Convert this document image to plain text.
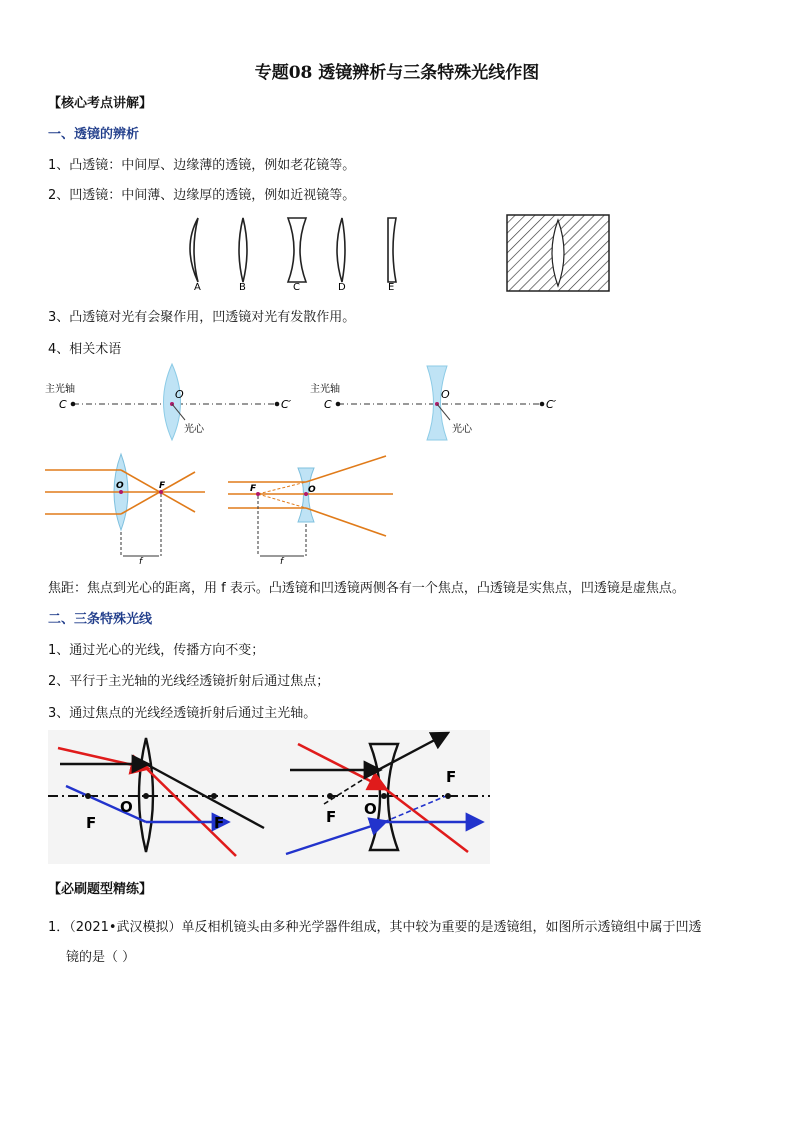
专题08 透镜辨析与三条特殊光线作图
【核心考点讲解】
一、透镜的辨析
1、凸透镜：中间厚、边缘薄的透镜，例如老花镜等。
2、凹透镜：中间薄、边缘厚的透镜，例如近视镜等。
A	B	C	D	E
3、凸透镜对光有会聚作用，凹透镜对光有发散作用。
4、相关术语
主光轴
C
O
光心
C′
主光轴
C
O
光心
C′
O	F
f
O
F
f
焦距：焦点到光心的距离，用 f 表示。凸透镜和凹透镜两侧各有一个焦点，凸透镜是实焦点，凹透镜是虚焦点。
二、三条特殊光线
1、通过光心的光线，传播方向不变；
2、平行于主光轴的光线经透镜折射后通过焦点；
3、通过焦点的光线经透镜折射后通过主光轴。
O
F	F
O
F
F
【必刷题型精练】
1．（2021•武汉模拟）单反相机镜头由多种光学器件组成，其中较为重要的是透镜组，如图所示透镜组中属于凹透
镜的是（ ）
